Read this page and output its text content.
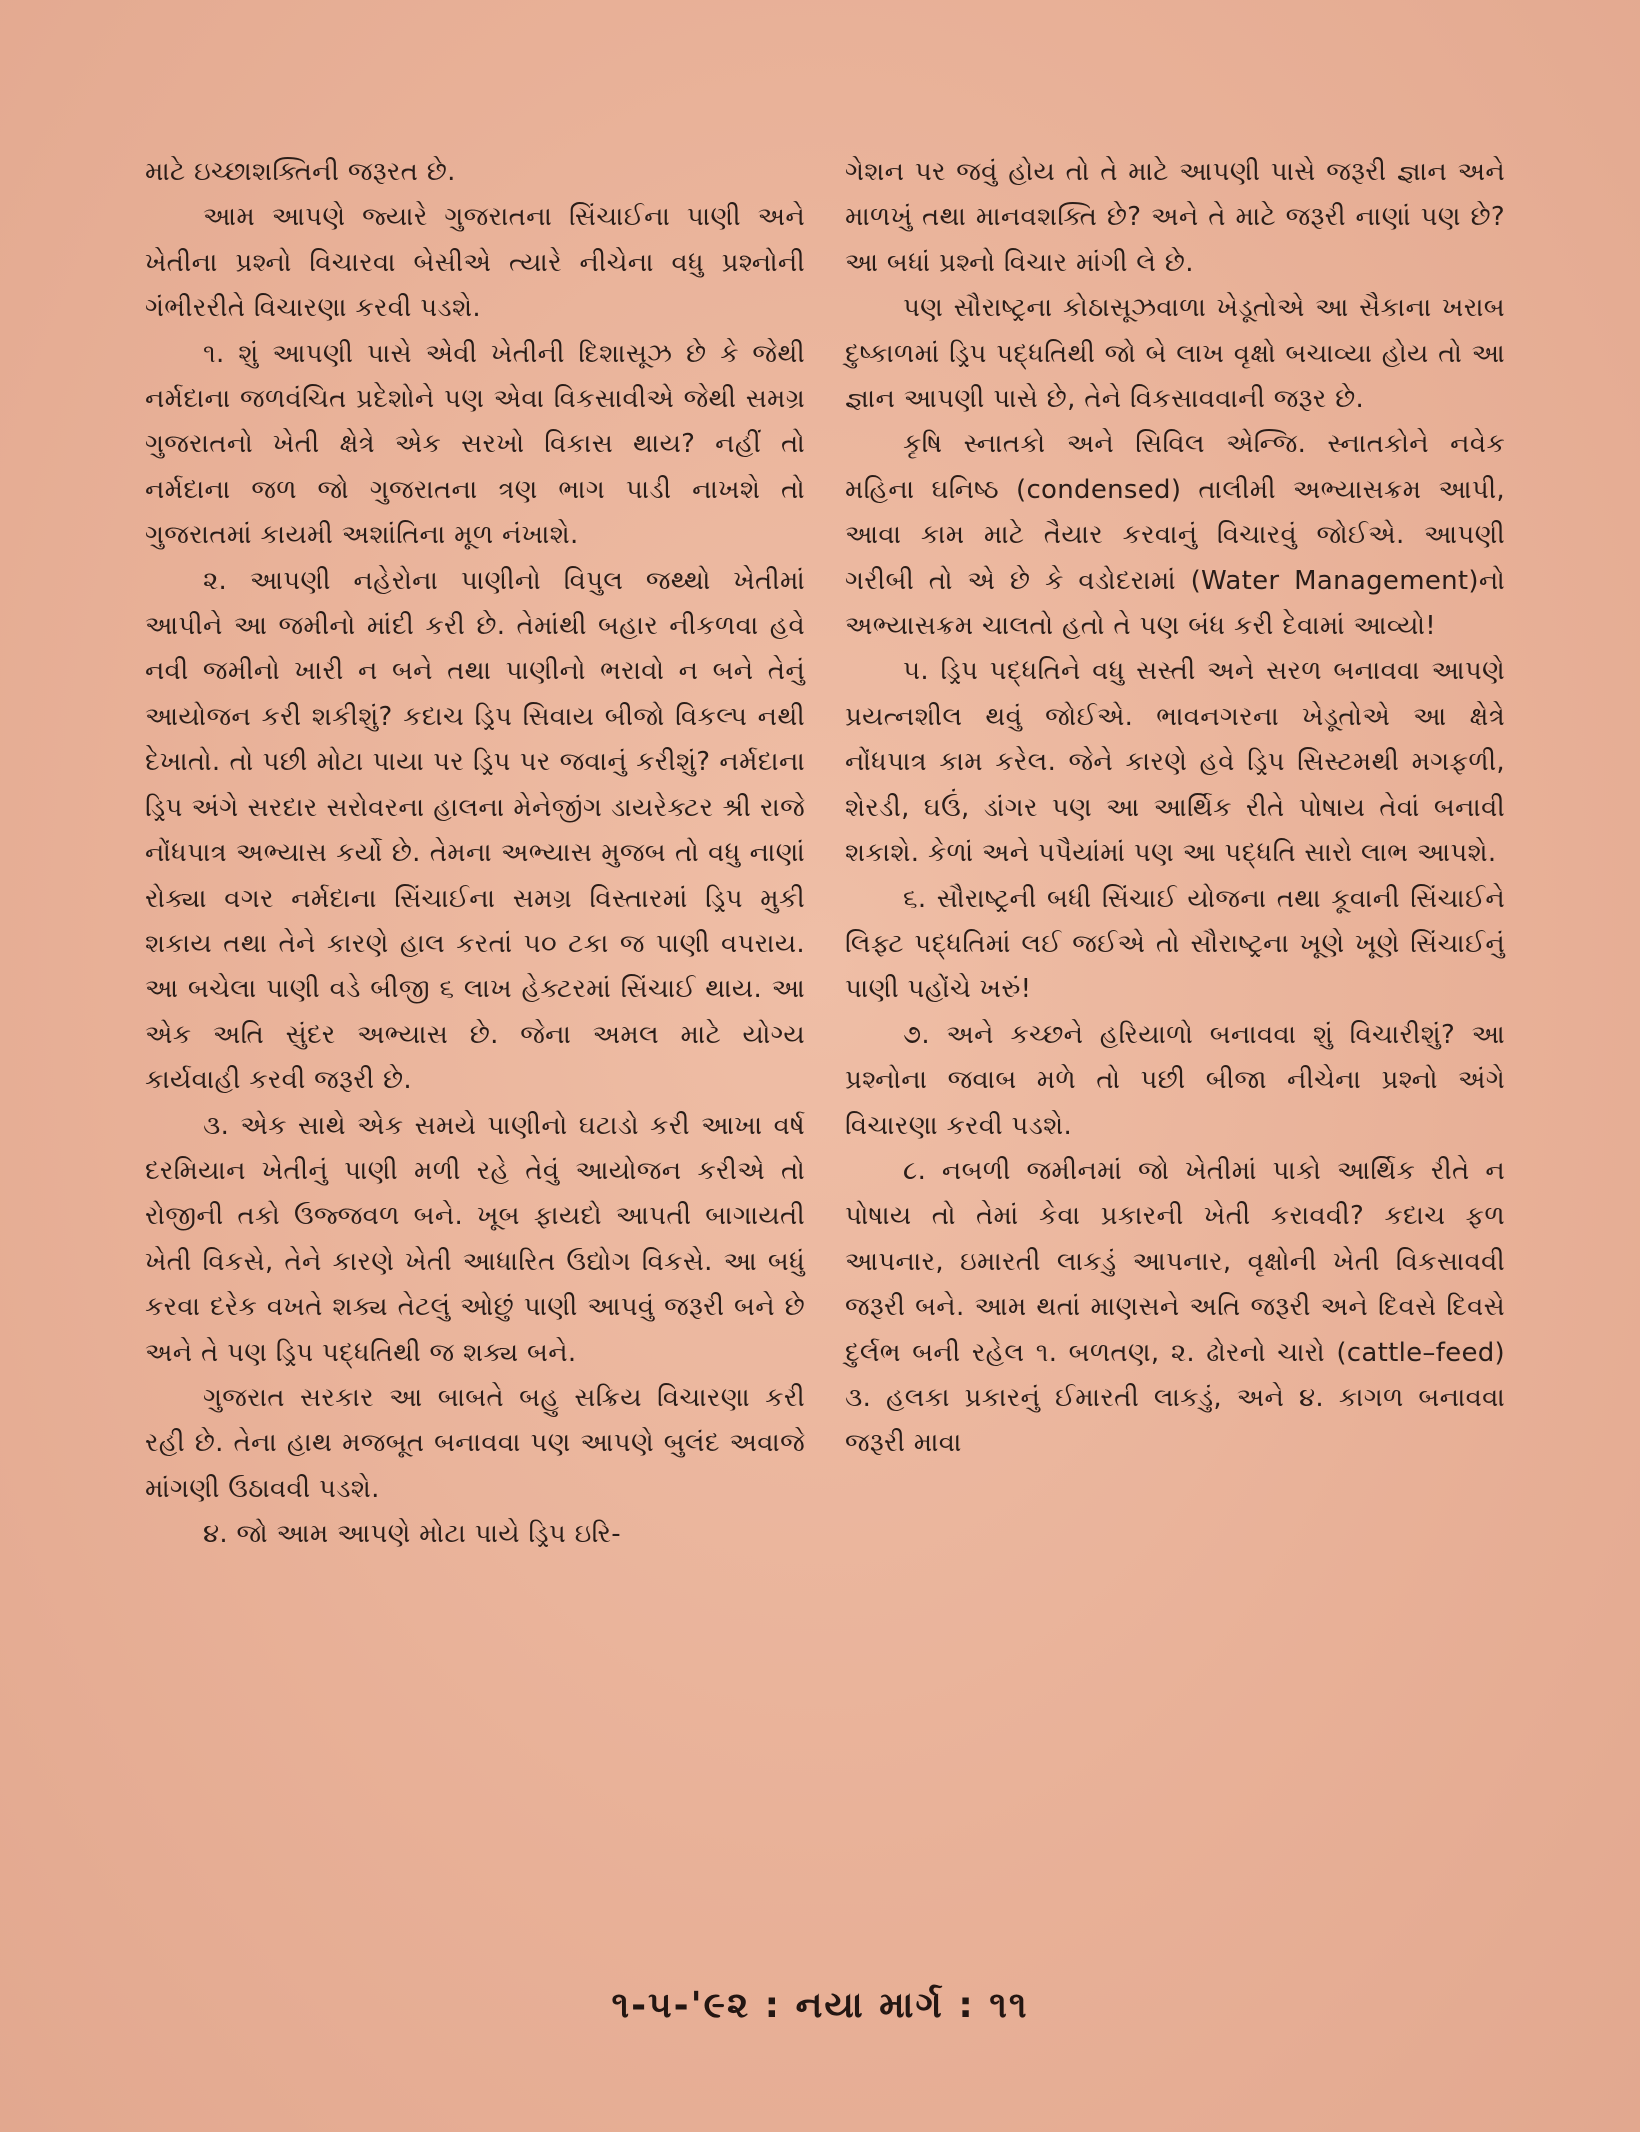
માટે ઇચ્છાશક્તિની જરૂરત છે.

આમ આપણે જ્યારે ગુજરાતના સિંચાઈના પાણી અને ખેતીના પ્રશ્નો વિચારવા બેસીએ ત્યારે નીચેના વધુ પ્રશ્નોની ગંભીરરીતે વિચારણા કરવી પડશે.

૧. શું આપણી પાસે એવી ખેતીની દિશાસૂઝ છે કે જેથી નર્મદાના જળવંચિત પ્રદેશોને પણ એવા વિકસાવીએ જેથી સમગ્ર ગુજરાતનો ખેતી ક્ષેત્રે એક સરખો વિકાસ થાય? નહીં તો નર્મદાના જળ જો ગુજરાતના ત્રણ ભાગ પાડી નાખશે તો ગુજરાતમાં કાયમી અશાંતિના મૂળ નંખાશે.

૨. આપણી નહેરોના પાણીનો વિપુલ જથ્થો ખેતીમાં આપીને આ જમીનો માંદી કરી છે. તેમાંથી બહાર નીકળવા હવે નવી જમીનો ખારી ન બને તથા પાણીનો ભરાવો ન બને તેનું આયોજન કરી શકીશું? કદાચ ડ્રિપ સિવાય બીજો વિકલ્પ નથી દેખાતો. તો પછી મોટા પાયા પર ડ્રિપ પર જવાનું કરીશું? નર્મદાના ડ્રિપ અંગે સરદાર સરોવરના હાલના મેનેજીંગ ડાયરેક્ટર શ્રી રાજે નોંધપાત્ર અભ્યાસ કર્યો છે. તેમના અભ્યાસ મુજબ તો વધુ નાણાં રોક્યા વગર નર્મદાના સિંચાઈના સમગ્ર વિસ્તારમાં ડ્રિપ મુકી શકાય તથા તેને કારણે હાલ કરતાં ૫૦ ટકા જ પાણી વપરાય. આ બચેલા પાણી વડે બીજી ૬ લાખ હેક્ટરમાં સિંચાઈ થાય. આ એક અતિ સુંદર અભ્યાસ છે. જેના અમલ માટે યોગ્ય કાર્યવાહી કરવી જરૂરી છે.

૩. એક સાથે એક સમયે પાણીનો ઘટાડો કરી આખા વર્ષ દરમિયાન ખેતીનું પાણી મળી રહે તેવું આયોજન કરીએ તો રોજીની તકો ઉજ્જવળ બને. ખૂબ ફાયદો આપતી બાગાયતી ખેતી વિકસે, તેને કારણે ખેતી આધારિત ઉદ્યોગ વિકસે. આ બધું કરવા દરેક વખતે શક્ય તેટલું ઓછું પાણી આપવું જરૂરી બને છે અને તે પણ ડ્રિપ પદ્ધતિથી જ શક્ય બને.

ગુજરાત સરકાર આ બાબતે બહુ સક્રિય વિચારણા કરી રહી છે. તેના હાથ મજબૂત બનાવવા પણ આપણે બુલંદ અવાજે માંગણી ઉઠાવવી પડશે.

૪. જો આમ આપણે મોટા પાયે ડ્રિપ ઇરિ-

ગેશન પર જવું હોય તો તે માટે આપણી પાસે જરૂરી જ્ઞાન અને માળખું તથા માનવશક્તિ છે? અને તે માટે જરૂરી નાણાં પણ છે? આ બધાં પ્રશ્નો વિચાર માંગી લે છે.

પણ સૌરાષ્ટ્રના કોઠાસૂઝવાળા ખેડૂતોએ આ સૈકાના ખરાબ દુષ્કાળમાં ડ્રિપ પદ્ધતિથી જો બે લાખ વૃક્ષો બચાવ્યા હોય તો આ જ્ઞાન આપણી પાસે છે, તેને વિકસાવવાની જરૂર છે.

કૃષિ સ્નાતકો અને સિવિલ એન્જિ. સ્નાતકોને નવેક મહિના ઘનિષ્ઠ (condensed) તાલીમી અભ્યાસક્રમ આપી, આવા કામ માટે તૈયાર કરવાનું વિચારવું જોઈએ. આપણી ગરીબી તો એ છે કે વડોદરામાં (Water Management)નો અભ્યાસક્રમ ચાલતો હતો તે પણ બંધ કરી દેવામાં આવ્યો!

૫. ડ્રિપ પદ્ધતિને વધુ સસ્તી અને સરળ બનાવવા આપણે પ્રયત્નશીલ થવું જોઈએ. ભાવનગરના ખેડૂતોએ આ ક્ષેત્રે નોંધપાત્ર કામ કરેલ. જેને કારણે હવે ડ્રિપ સિસ્ટમથી મગફળી, શેરડી, ઘઉં, ડાંગર પણ આ આર્થિક રીતે પોષાય તેવાં બનાવી શકાશે. કેળાં અને પપૈયાંમાં પણ આ પદ્ધતિ સારો લાભ આપશે.

૬. સૌરાષ્ટ્રની બધી સિંચાઈ યોજના તથા કૂવાની સિંચાઈને લિફ્ટ પદ્ધતિમાં લઈ જઈએ તો સૌરાષ્ટ્રના ખૂણે ખૂણે સિંચાઈનું પાણી પહોંચે ખરું!

૭. અને કચ્છને હરિયાળો બનાવવા શું વિચારીશું? આ પ્રશ્નોના જવાબ મળે તો પછી બીજા નીચેના પ્રશ્નો અંગે વિચારણા કરવી પડશે.

૮. નબળી જમીનમાં જો ખેતીમાં પાકો આર્થિક રીતે ન પોષાય તો તેમાં કેવા પ્રકારની ખેતી કરાવવી? કદાચ ફળ આપનાર, ઇમારતી લાકડું આપનાર, વૃક્ષોની ખેતી વિકસાવવી જરૂરી બને. આમ થતાં માણસને અતિ જરૂરી અને દિવસે દિવસે દુર્લભ બની રહેલ ૧. બળતણ, ૨. ઢોરનો ચારો (cattle–feed) ૩. હલકા પ્રકારનું ઈમારતી લાકડું, અને ૪. કાગળ બનાવવા જરૂરી માવા

૧-૫-'૯૨ : નયા માર્ગ : ૧૧
